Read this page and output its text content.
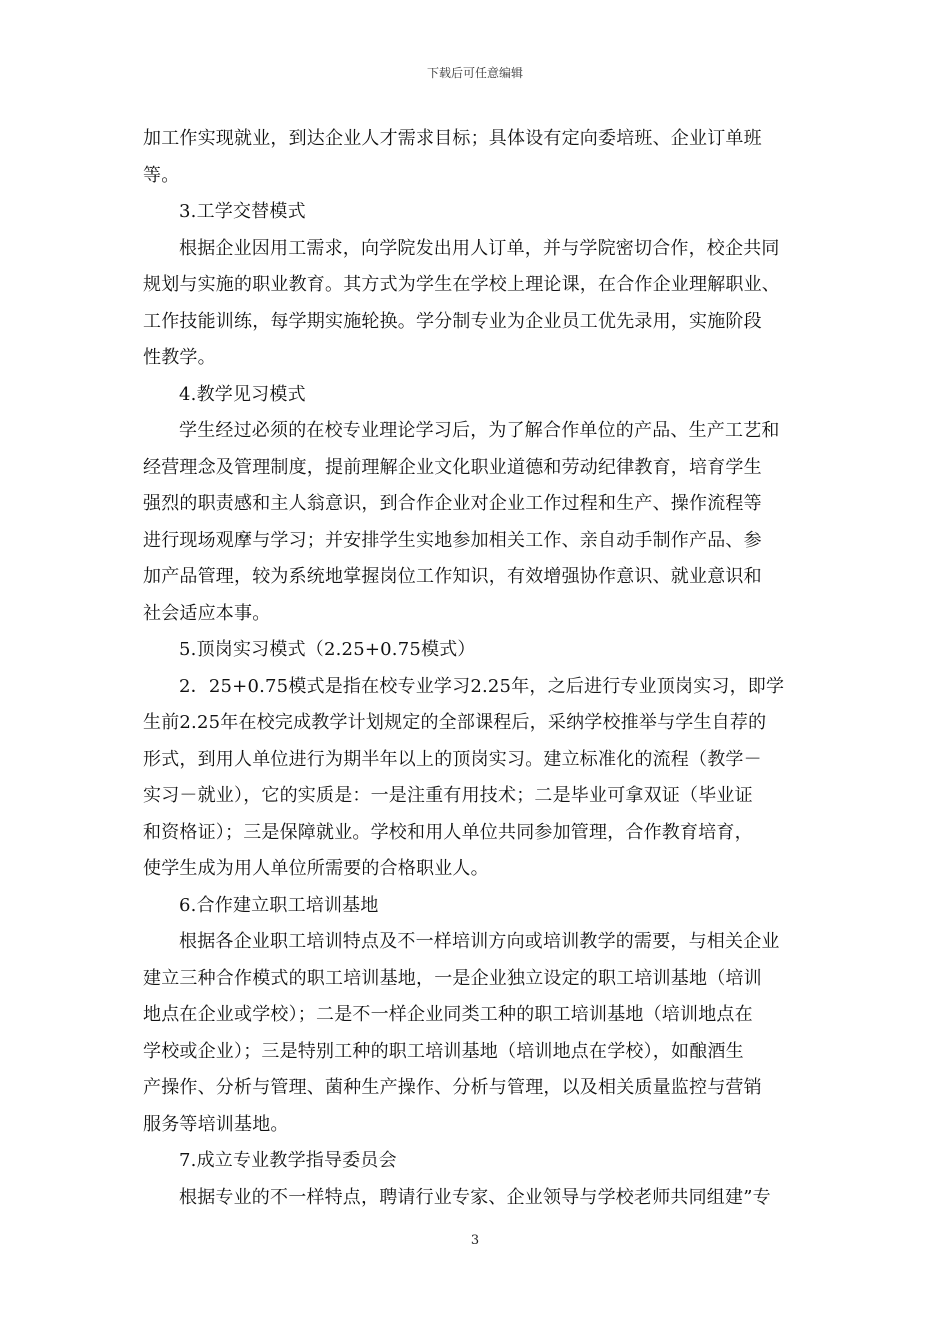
下载后可任意编辑
加工作实现就业，到达企业人才需求目标；具体设有定向委培班、企业订单班
等。
3.工学交替模式
根据企业因用工需求，向学院发出用人订单，并与学院密切合作，校企共同
规划与实施的职业教育。其方式为学生在学校上理论课，在合作企业理解职业、
工作技能训练，每学期实施轮换。学分制专业为企业员工优先录用，实施阶段
性教学。
4.教学见习模式
学生经过必须的在校专业理论学习后，为了解合作单位的产品、生产工艺和
经营理念及管理制度，提前理解企业文化职业道德和劳动纪律教育，培育学生
强烈的职责感和主人翁意识，到合作企业对企业工作过程和生产、操作流程等
进行现场观摩与学习；并安排学生实地参加相关工作、亲自动手制作产品、参
加产品管理，较为系统地掌握岗位工作知识，有效增强协作意识、就业意识和
社会适应本事。
5.顶岗实习模式（2.25+0.75模式）
2．25+0.75模式是指在校专业学习2.25年，之后进行专业顶岗实习，即学
生前2.25年在校完成教学计划规定的全部课程后，采纳学校推举与学生自荐的
形式，到用人单位进行为期半年以上的顶岗实习。建立标准化的流程（教学－
实习－就业），它的实质是：一是注重有用技术；二是毕业可拿双证（毕业证
和资格证）；三是保障就业。学校和用人单位共同参加管理，合作教育培育，
使学生成为用人单位所需要的合格职业人。
6.合作建立职工培训基地
根据各企业职工培训特点及不一样培训方向或培训教学的需要，与相关企业
建立三种合作模式的职工培训基地，一是企业独立设定的职工培训基地（培训
地点在企业或学校）；二是不一样企业同类工种的职工培训基地（培训地点在
学校或企业）；三是特别工种的职工培训基地（培训地点在学校），如酿酒生
产操作、分析与管理、菌种生产操作、分析与管理，以及相关质量监控与营销
服务等培训基地。
7.成立专业教学指导委员会
根据专业的不一样特点，聘请行业专家、企业领导与学校老师共同组建”专
3
